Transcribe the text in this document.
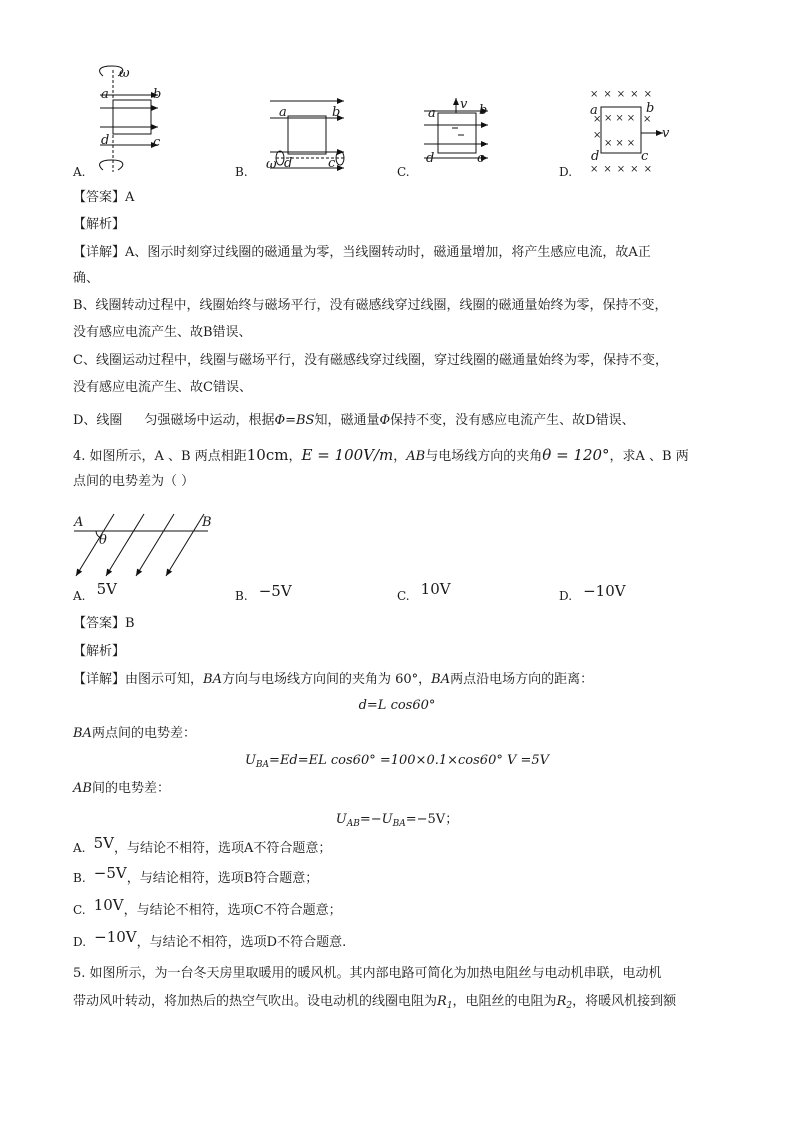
ω
a	b
d	c
a	b
ω d	c
a	b
v
d	c
×××××
×
×
×
×××
×××
×××××
a	b
d	c
v
A.	B.	C.	D.
【答案】A
【解析】
【详解】A、图示时刻穿过线圈的磁通量为零，当线圈转动时，磁通量增加，将产生感应电流，故A正
确、
B、线圈转动过程中，线圈始终与磁场平行，没有磁感线穿过线圈，线圈的磁通量始终为零，保持不变，
没有感应电流产生、故B错误、
C、线圈运动过程中，线圈与磁场平行，没有磁感线穿过线圈，穿过线圈的磁通量始终为零，保持不变，
没有感应电流产生、故C错误、
D、线圈 匀强磁场中运动，根据Φ=BS知，磁通量Φ保持不变，没有感应电流产生、故D错误、
4. 如图所示，A 、B 两点相距10cm，E = 100V/m，AB与电场线方向的夹角θ = 120°，求A 、B 两
点间的电势差为（ ）
A	B
θ
A. 5V	B. −5V	C. 10V	D. −10V
【答案】B
【解析】
【详解】由图示可知，BA方向与电场线方向间的夹角为 60°，BA两点沿电场方向的距离：
d=L cos60°
BA两点间的电势差：
$U_{BA}=Ed=EL$ cos60° =100×0.1×cos60° V =5V
AB间的电势差：
$U_{AB}=-U_{BA}=-5V$；
A. 5V，与结论不相符，选项A不符合题意；
B. −5V，与结论相符，选项B符合题意；
C. 10V，与结论不相符，选项C不符合题意；
D. −10V，与结论不相符，选项D不符合题意.
5. 如图所示，为一台冬天房里取暖用的暖风机。其内部电路可简化为加热电阻丝与电动机串联，电动机
带动风叶转动，将加热后的热空气吹出。设电动机的线圈电阻为$R_1$，电阻丝的电阻为$R_2$，将暖风机接到额
